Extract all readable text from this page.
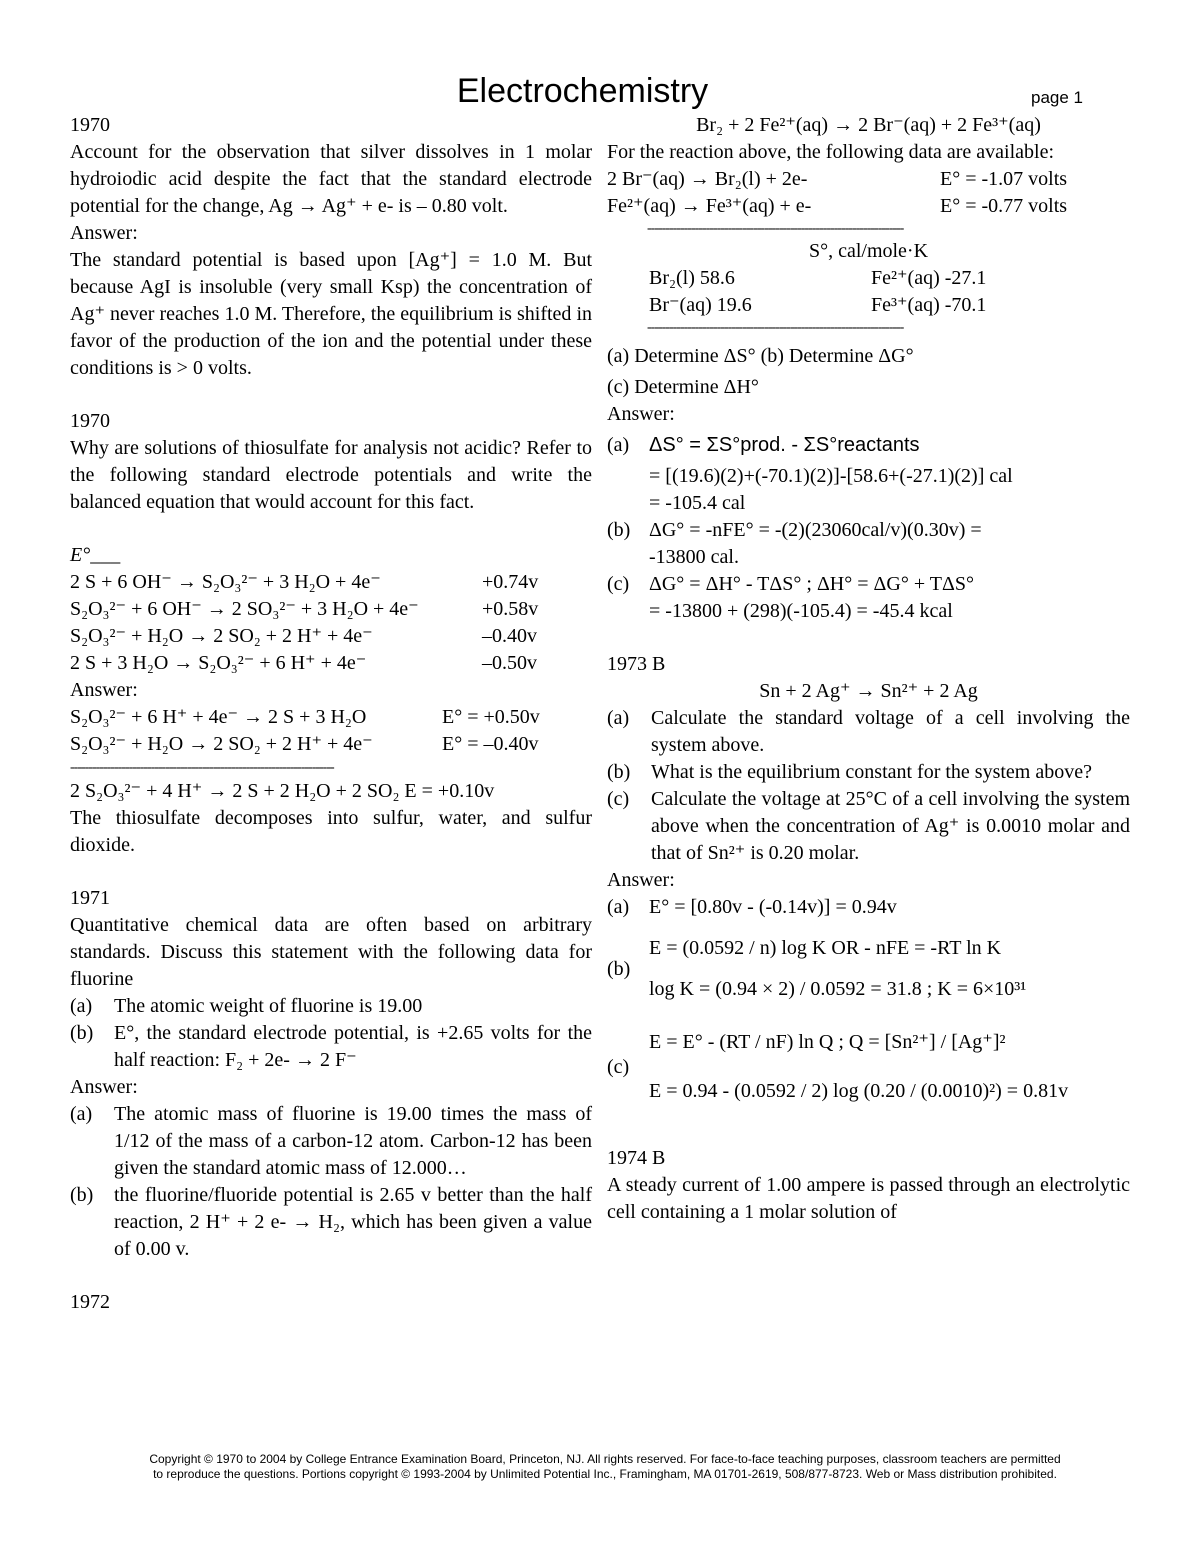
Electrochemistry	page 1

1970

Account for the observation that silver dissolves in 1 molar hydroiodic acid despite the fact that the standard electrode potential for the change, Ag → Ag⁺ + e- is – 0.80 volt.

Answer:

The standard potential is based upon [Ag⁺] = 1.0 M. But because AgI is insoluble (very small Ksp) the concentration of Ag⁺ never reaches 1.0 M. Therefore, the equilibrium is shifted in favor of the production of the ion and the potential under these conditions is > 0 volts.

1970

Why are solutions of thiosulfate for analysis not acidic? Refer to the following standard electrode potentials and write the balanced equation that would account for this fact.

E°___

2 S + 6 OH⁻ → S₂O₃²⁻ + 3 H₂O + 4e⁻	+0.74v
S₂O₃²⁻ + 6 OH⁻ → 2 SO₃²⁻ + 3 H₂O + 4e⁻	+0.58v
S₂O₃²⁻ + H₂O → 2 SO₂ + 2 H⁺ + 4e⁻	–0.40v
2 S + 3 H₂O → S₂O₃²⁻ + 6 H⁺ + 4e⁻	–0.50v

Answer:

S₂O₃²⁻ + 6 H⁺ + 4e⁻ → 2 S + 3 H₂O	E° = +0.50v
S₂O₃²⁻ + H₂O → 2 SO₂ + 2 H⁺ + 4e⁻	E° = –0.40v
------------------------------------------------------------------------

2 S₂O₃²⁻ + 4 H⁺ → 2 S + 2 H₂O + 2 SO₂ E = +0.10v

The thiosulfate decomposes into sulfur, water, and sulfur dioxide.

1971

Quantitative chemical data are often based on arbitrary standards. Discuss this statement with the following data for fluorine

(a)	The atomic weight of fluorine is 19.00
(b)	E°, the standard electrode potential, is +2.65 volts for the half reaction: F₂ + 2e- → 2 F⁻

Answer:

(a)	The atomic mass of fluorine is 19.00 times the mass of 1/12 of the mass of a carbon-12 atom. Carbon-12 has been given the standard atomic mass of 12.000…
(b)	the fluorine/fluoride potential is 2.65 v better than the half reaction, 2 H⁺ + 2 e- → H₂, which has been given a value of 0.00 v.

1972

Br₂ + 2 Fe²⁺(aq) → 2 Br⁻(aq) + 2 Fe³⁺(aq)

For the reaction above, the following data are available:

2 Br⁻(aq) → Br₂(l) + 2e-	E° = -1.07 volts
Fe²⁺(aq) → Fe³⁺(aq) + e-	E° = -0.77 volts
----------------------------------------------------------------------

S°, cal/mole·K

Br₂(l) 58.6	Fe²⁺(aq) -27.1
Br⁻(aq) 19.6	Fe³⁺(aq) -70.1
----------------------------------------------------------------------

(a) Determine ΔS° (b) Determine ΔG°

(c) Determine ΔH°

Answer:

(a) ΔS° = ΣS°prod. - ΣS°reactants

= [(19.6)(2)+(-70.1)(2)]-[58.6+(-27.1)(2)] cal

= -105.4 cal

(b) ΔG° = -nFE° = -(2)(23060cal/v)(0.30v) =

-13800 cal.

(c) ΔG° = ΔH° - TΔS° ; ΔH° = ΔG° + TΔS°

= -13800 + (298)(-105.4) = -45.4 kcal

1973 B

Sn + 2 Ag⁺ → Sn²⁺ + 2 Ag

(a)	Calculate the standard voltage of a cell involving the system above.
(b)	What is the equilibrium constant for the system above?
(c)	Calculate the voltage at 25°C of a cell involving the system above when the concentration of Ag⁺ is 0.0010 molar and that of Sn²⁺ is 0.20 molar.

Answer:

(a) E° = [0.80v - (-0.14v)] = 0.94v
(b)
E = (0.0592 / n) log K OR - nFE = -RT ln K
log K = (0.94 × 2) / 0.0592 = 31.8 ; K = 6×10³¹
(c)
E = E° - (RT / nF) ln Q ; Q = [Sn²⁺] / [Ag⁺]²
E = 0.94 - (0.0592 / 2) log (0.20 / (0.0010)²) = 0.81v

1974 B

A steady current of 1.00 ampere is passed through an electrolytic cell containing a 1 molar solution of

Copyright © 1970 to 2004 by College Entrance Examination Board, Princeton, NJ. All rights reserved. For face-to-face teaching purposes, classroom teachers are permitted
to reproduce the questions. Portions copyright © 1993-2004 by Unlimited Potential Inc., Framingham, MA 01701-2619, 508/877-8723. Web or Mass distribution prohibited.
